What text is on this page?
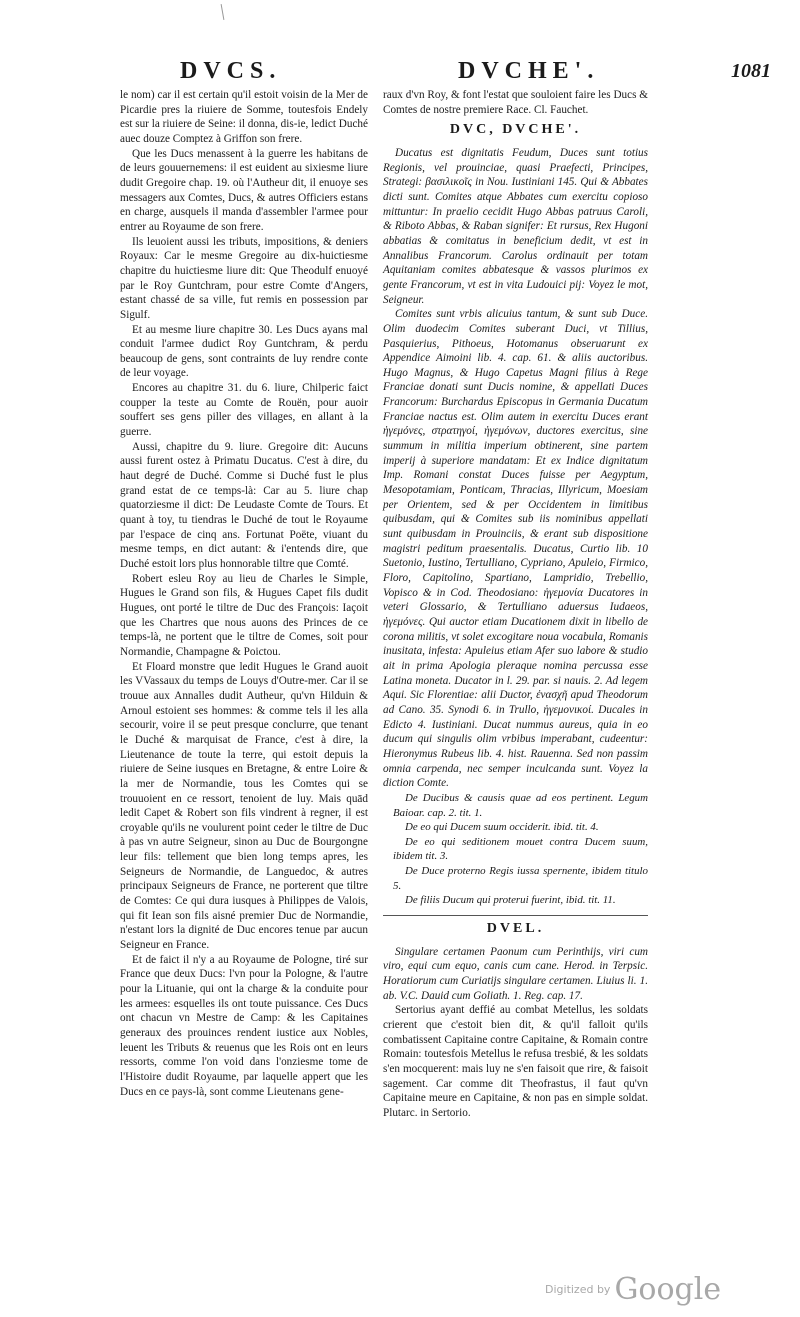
DVCS.	DVCHE'.	1081

le nom) car il est certain qu'il estoit voisin de la Mer de Picardie pres la riuiere de Somme, toutesfois Endely est sur la riuiere de Seine: il donna, dis-ie, ledict Duché auec douze Comptez à Griffon son frere.

Que les Ducs menassent à la guerre les habitans de de leurs gouuernemens: il est euident au sixiesme liure dudit Gregoire chap. 19. où l'Autheur dit, il enuoye ses messagers aux Comtes, Ducs, & autres Officiers estans en charge, ausquels il manda d'assembler l'armee pour entrer au Royaume de son frere.

Ils leuoient aussi les tributs, impositions, & deniers Royaux: Car le mesme Gregoire au dix-huictiesme chapitre du huictiesme liure dit: Que Theodulf enuoyé par le Roy Guntchram, pour estre Comte d'Angers, estant chassé de sa ville, fut remis en possession par Sigulf.

Et au mesme liure chapitre 30. Les Ducs ayans mal conduit l'armee dudict Roy Guntchram, & perdu beaucoup de gens, sont contraints de luy rendre conte de leur voyage.

Encores au chapitre 31. du 6. liure, Chilperic faict coupper la teste au Comte de Rouën, pour auoir souffert ses gens piller des villages, en allant à la guerre.

Aussi, chapitre du 9. liure. Gregoire dit: Aucuns aussi furent ostez à Primatu Ducatus. C'est à dire, du haut degré de Duché. Comme si Duché fust le plus grand estat de ce temps-là: Car au 5. liure chap quatorziesme il dict: De Leudaste Comte de Tours. Et quant à toy, tu tiendras le Duché de tout le Royaume par l'espace de cinq ans. Fortunat Poëte, viuant du mesme temps, en dict autant: & i'entends dire, que Duché estoit lors plus honnorable tiltre que Comté.

Robert esleu Roy au lieu de Charles le Simple, Hugues le Grand son fils, & Hugues Capet fils dudit Hugues, ont porté le tiltre de Duc des François: Iaçoit que les Chartres que nous auons des Princes de ce temps-là, ne portent que le tiltre de Comes, soit pour Normandie, Champagne & Poictou.

Et Floard monstre que ledit Hugues le Grand auoit les VVassaux du temps de Louys d'Outre-mer. Car il se trouue aux Annalles dudit Autheur, qu'vn Hilduin & Arnoul estoient ses hommes: & comme tels il les alla secourir, voire il se peut presque conclurre, que tenant le Duché & marquisat de France, c'est à dire, la Lieutenance de toute la terre, qui estoit depuis la riuiere de Seine iusques en Bretagne, & entre Loire & la mer de Normandie, tous les Comtes qui se trouuoient en ce ressort, tenoient de luy. Mais quād ledit Capet & Robert son fils vindrent à regner, il est croyable qu'ils ne voulurent point ceder le tiltre de Duc à pas vn autre Seigneur, sinon au Duc de Bourgongne leur fils: tellement que bien long temps apres, les Seigneurs de Normandie, de Languedoc, & autres principaux Seigneurs de France, ne porterent que tiltre de Comtes: Ce qui dura iusques à Philippes de Valois, qui fit Iean son fils aisné premier Duc de Normandie, n'estant lors la dignité de Duc encores tenue par aucun Seigneur en France.

Et de faict il n'y a au Royaume de Pologne, tiré sur France que deux Ducs: l'vn pour la Pologne, & l'autre pour la Lituanie, qui ont la charge & la conduite pour les armees: esquelles ils ont toute puissance. Ces Ducs ont chacun vn Mestre de Camp: & les Capitaines generaux des prouinces rendent iustice aux Nobles, leuent les Tributs & reuenus que les Rois ont en leurs ressorts, comme l'on void dans l'onziesme tome de l'Histoire dudit Royaume, par laquelle appert que les Ducs en ce pays-là, sont comme Lieutenans gene-

raux d'vn Roy, & font l'estat que souloient faire les Ducs & Comtes de nostre premiere Race. Cl. Fauchet.

DVC, DVCHE'.

Ducatus est dignitatis Feudum, Duces sunt totius Regionis, vel prouinciae, quasi Praefecti, Principes, Strategi: βασιλικοῖς in Nou. Iustiniani 145. Qui & Abbates dicti sunt. Comites atque Abbates cum exercitu copioso mittuntur: In praelio cecidit Hugo Abbas patruus Caroli, & Riboto Abbas, & Raban signifer: Et rursus, Rex Hugoni abbatias & comitatus in beneficium dedit, vt est in Annalibus Francorum. Carolus ordinauit per totam Aquitaniam comites abbatesque & vassos plurimos ex gente Francorum, vt est in vita Ludouici pij: Voyez le mot, Seigneur.

Comites sunt vrbis alicuius tantum, & sunt sub Duce. Olim duodecim Comites suberant Duci, vt Tillius, Pasquierius, Pithoeus, Hotomanus obseruarunt ex Appendice Aimoini lib. 4. cap. 61. & aliis auctoribus. Hugo Magnus, & Hugo Capetus Magni filius à Rege Franciae donati sunt Ducis nomine, & appellati Duces Francorum: Burchardus Episcopus in Germania Ducatum Franciae nactus est. Olim autem in exercitu Duces erant ἡγεμόνες, στρατηγοί, ἡγεμόνων, ductores exercitus, sine summum in militia imperium obtinerent, sine partem imperij à superiore mandatam: Et ex Indice dignitatum Imp. Romani constat Duces fuisse per Aegyptum, Mesopotamiam, Ponticam, Thracias, Illyricum, Moesiam per Orientem, sed & per Occidentem in limitibus quibusdam, qui & Comites sub iis nominibus appellati sunt quibusdam in Prouinciis, & erant sub dispositione magistri peditum praesentalis. Ducatus, Curtio lib. 10 Suetonio, Iustino, Tertulliano, Cypriano, Apuleio, Firmico, Floro, Capitolino, Spartiano, Lampridio, Trebellio, Vopisco & in Cod. Theodosiano: ἡγεμονία Ducatores in veteri Glossario, & Tertulliano aduersus Iudaeos, ἡγεμόνες. Qui auctor etiam Ducationem dixit in libello de corona militis, vt solet excogitare noua vocabula, Romanis inusitata, infesta: Apuleius etiam Afer suo labore & studio ait in prima Apologia pleraque nomina percussa esse Latina moneta. Ducator in l. 29. par. si nauis. 2. Ad legem Aqui. Sic Florentiae: alii Ductor, ἐνασχῆ apud Theodorum ad Cano. 35. Synodi 6. in Trullo, ἡγεμονικοί. Ducales in Edicto 4. Iustiniani. Ducat nummus aureus, quia in eo ducum qui singulis olim vrbibus imperabant, cudeentur: Hieronymus Rubeus lib. 4. hist. Rauenna. Sed non passim omnia carpenda, nec semper inculcanda sunt. Voyez la diction Comte.

De Ducibus & causis quae ad eos pertinent. Legum Baioar. cap. 2. tit. 1.

De eo qui Ducem suum occiderit. ibid. tit. 4.

De eo qui seditionem mouet contra Ducem suum, ibidem tit. 3.

De Duce proterno Regis iussa spernente, ibidem titulo 5.

De filiis Ducum qui proterui fuerint, ibid. tit. 11.

DVEL.

Singulare certamen Paonum cum Perinthijs, viri cum viro, equi cum equo, canis cum cane. Herod. in Terpsic. Horatiorum cum Curiatijs singulare certamen. Liuius li. 1. ab. V.C. Dauid cum Goliath. 1. Reg. cap. 17.

Sertorius ayant deffié au combat Metellus, les soldats crierent que c'estoit bien dit, & qu'il falloit qu'ils combatissent Capitaine contre Capitaine, & Romain contre Romain: toutesfois Metellus le refusa tresbié, & les soldats s'en mocquerent: mais luy ne s'en faisoit que rire, & faisoit sagement. Car comme dit Theofrastus, il faut qu'vn Capitaine meure en Capitaine, & non pas en simple soldat. Plutarc. in Sertorio.

Digitized by Google
